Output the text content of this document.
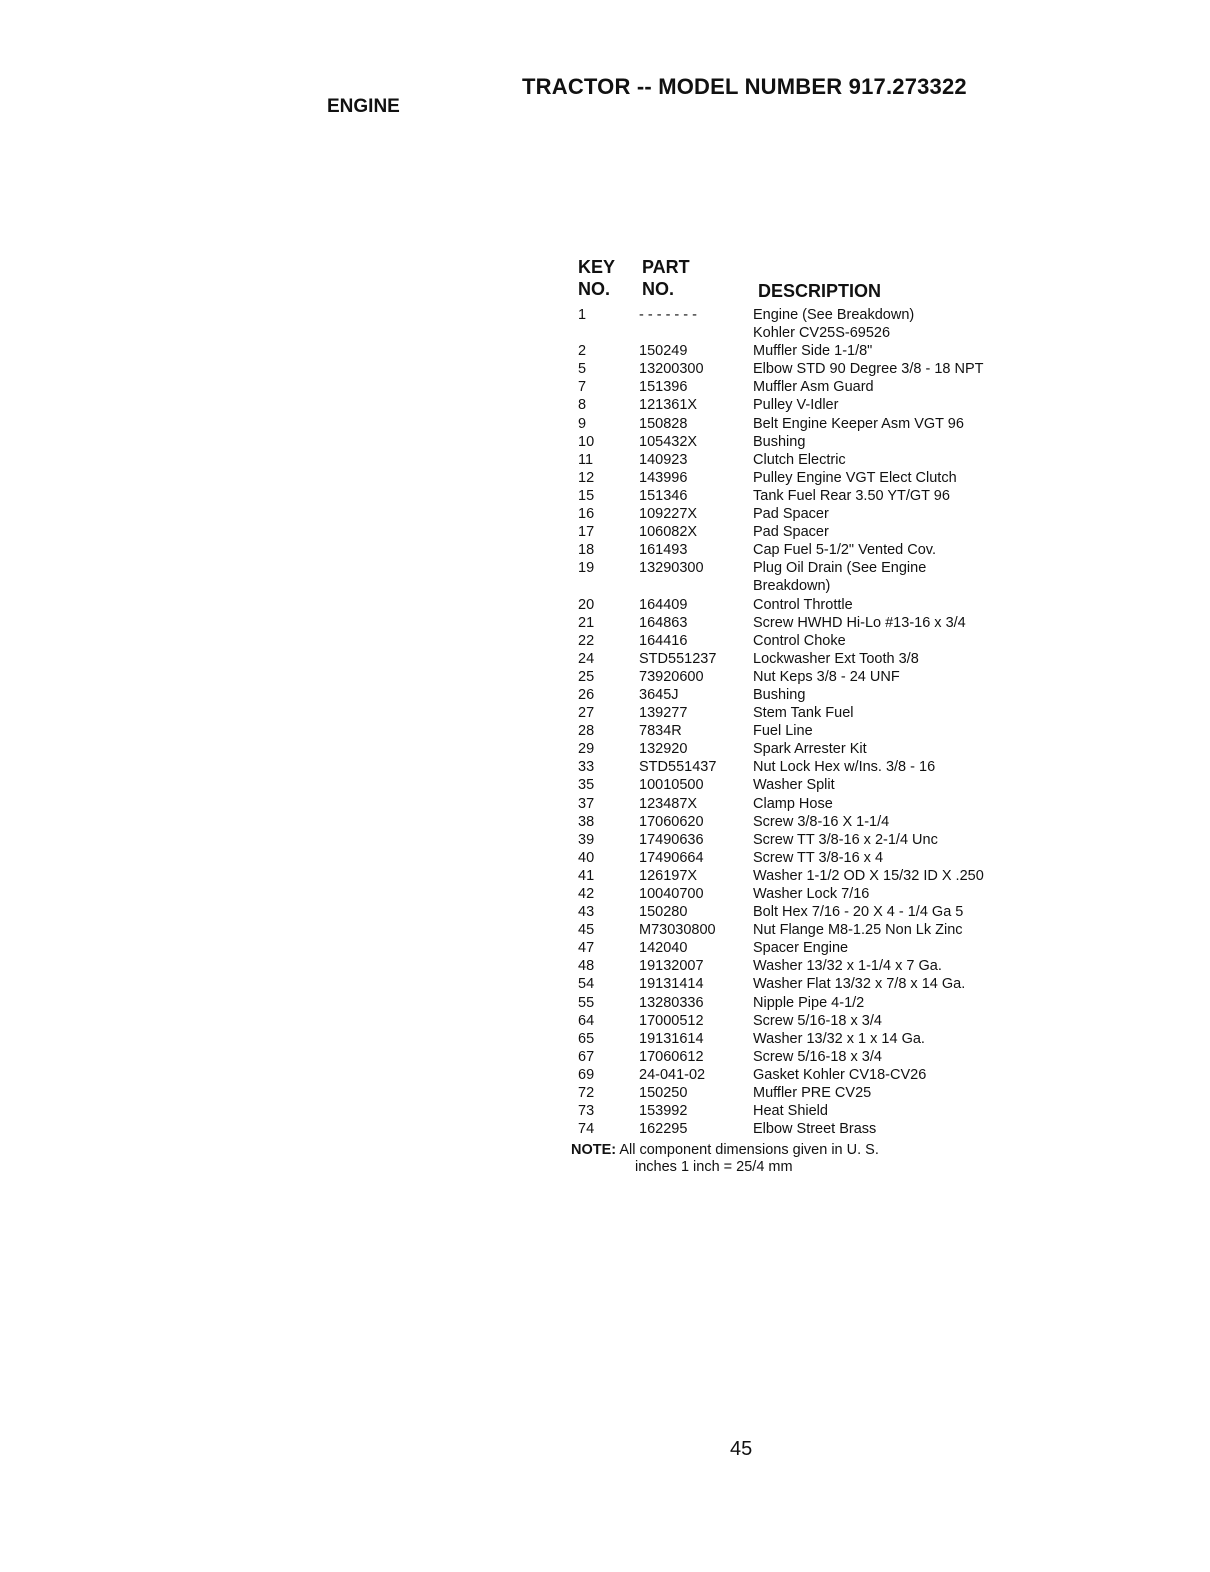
TRACTOR -- MODEL NUMBER 917.273322
ENGINE
KEY
NO.
PART
NO.	DESCRIPTION
1	- - - - - - -	Engine (See Breakdown)
Kohler CV25S-69526
2	150249	Muffler Side 1-1/8"
5	13200300	Elbow STD 90 Degree 3/8 - 18 NPT
7	151396	Muffler Asm Guard
8	121361X	Pulley V-Idler
9	150828	Belt Engine Keeper Asm VGT 96
10	105432X	Bushing
11	140923	Clutch Electric
12	143996	Pulley Engine VGT Elect Clutch
15	151346	Tank Fuel Rear 3.50 YT/GT 96
16	109227X	Pad Spacer
17	106082X	Pad Spacer
18	161493	Cap Fuel 5-1/2" Vented Cov.
19	13290300	Plug Oil Drain (See Engine
Breakdown)
20	164409	Control Throttle
21	164863	Screw HWHD Hi-Lo #13-16 x 3/4
22	164416	Control Choke
24	STD551237	Lockwasher Ext Tooth 3/8
25	73920600	Nut Keps 3/8 - 24 UNF
26	3645J	Bushing
27	139277	Stem Tank Fuel
28	7834R	Fuel Line
29	132920	Spark Arrester Kit
33	STD551437	Nut Lock Hex w/Ins. 3/8 - 16
35	10010500	Washer Split
37	123487X	Clamp Hose
38	17060620	Screw 3/8-16 X 1-1/4
39	17490636	Screw TT 3/8-16 x 2-1/4 Unc
40	17490664	Screw TT 3/8-16 x 4
41	126197X	Washer 1-1/2 OD X 15/32 ID X .250
42	10040700	Washer Lock 7/16
43	150280	Bolt Hex 7/16 - 20 X 4 - 1/4 Ga 5
45	M73030800	Nut Flange M8-1.25 Non Lk Zinc
47	142040	Spacer Engine
48	19132007	Washer 13/32 x 1-1/4 x 7 Ga.
54	19131414	Washer Flat 13/32 x 7/8 x 14 Ga.
55	13280336	Nipple Pipe 4-1/2
64	17000512	Screw 5/16-18 x 3/4
65	19131614	Washer 13/32 x 1 x 14 Ga.
67	17060612	Screw 5/16-18 x 3/4
69	24-041-02	Gasket Kohler CV18-CV26
72	150250	Muffler PRE CV25
73	153992	Heat Shield
74	162295	Elbow Street Brass
NOTE: All component dimensions given in U. S.
inches 1 inch = 25/4 mm
45
